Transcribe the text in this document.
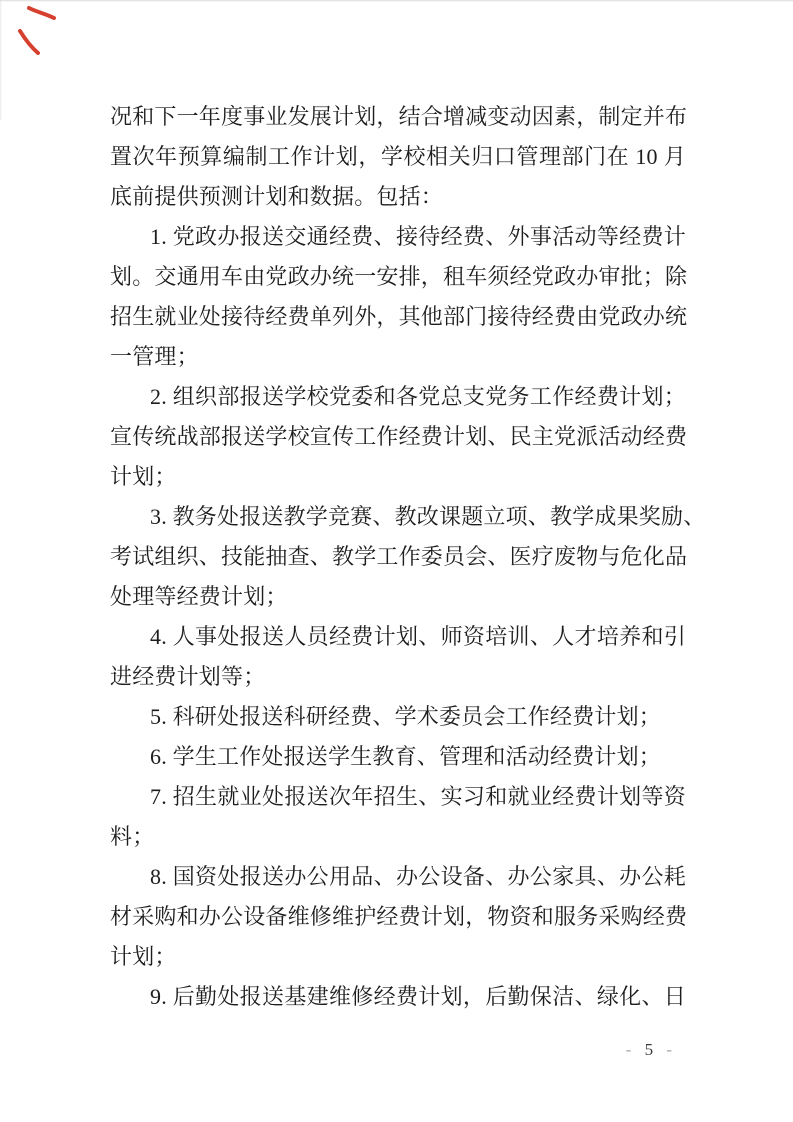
况和下一年度事业发展计划，结合增减变动因素，制定并布
置次年预算编制工作计划，学校相关归口管理部门在 10 月
底前提供预测计划和数据。包括：
1. 党政办报送交通经费、接待经费、外事活动等经费计
划。交通用车由党政办统一安排，租车须经党政办审批；除
招生就业处接待经费单列外，其他部门接待经费由党政办统
一管理；
2. 组织部报送学校党委和各党总支党务工作经费计划；
宣传统战部报送学校宣传工作经费计划、民主党派活动经费
计划；
3. 教务处报送教学竞赛、教改课题立项、教学成果奖励、
考试组织、技能抽查、教学工作委员会、医疗废物与危化品
处理等经费计划；
4. 人事处报送人员经费计划、师资培训、人才培养和引
进经费计划等；
5. 科研处报送科研经费、学术委员会工作经费计划；
6. 学生工作处报送学生教育、管理和活动经费计划；
7. 招生就业处报送次年招生、实习和就业经费计划等资
料；
8. 国资处报送办公用品、办公设备、办公家具、办公耗
材采购和办公设备维修维护经费计划，物资和服务采购经费
计划；
9. 后勤处报送基建维修经费计划，后勤保洁、绿化、日
- 5 -
